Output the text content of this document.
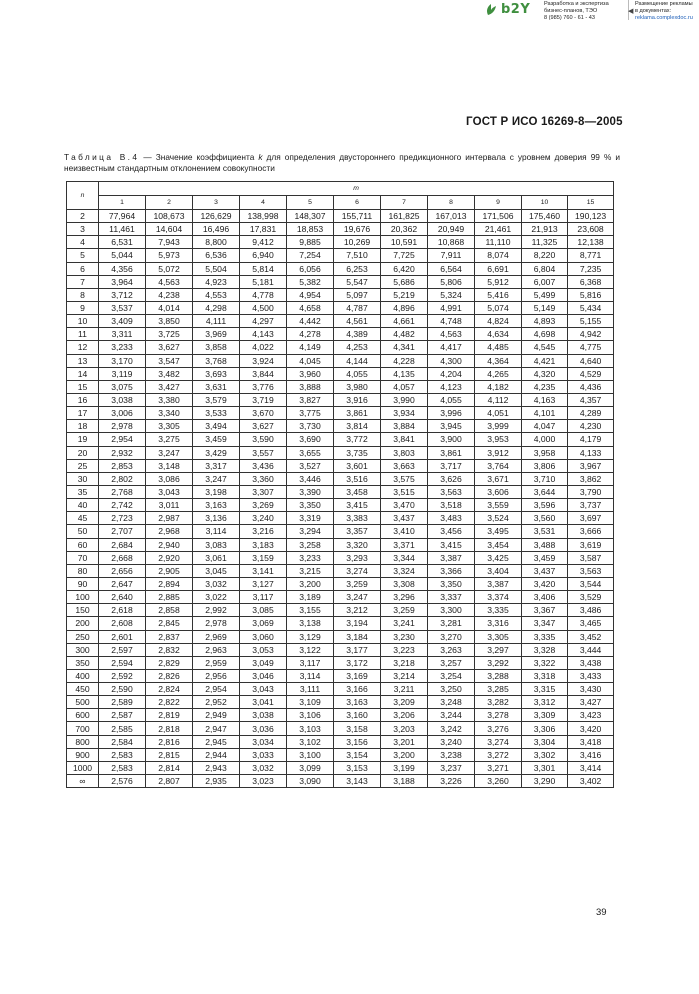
b2Y Разработка и экспертиза
бизнес-планов, ТЭО
8 (985) 760 - 61 - 43
◀
Размещение рекламы
в документах:
reklama.complexdoc.ru
ГОСТ Р ИСО 16269-8—2005
Таблица В.4 — Значение коэффициента k для определения двустороннего предикционного интервала с уровнем доверия 99 % и неизвестным стандартным отклонением совокупности
n	m										
	1	2	3	4	5	6	7	8	9	10	15
2	77,964	108,673	126,629	138,998	148,307	155,711	161,825	167,013	171,506	175,460	190,123
3	11,461	14,604	16,496	17,831	18,853	19,676	20,362	20,949	21,461	21,913	23,608
4	6,531	7,943	8,800	9,412	9,885	10,269	10,591	10,868	11,110	11,325	12,138
5	5,044	5,973	6,536	6,940	7,254	7,510	7,725	7,911	8,074	8,220	8,771
6	4,356	5,072	5,504	5,814	6,056	6,253	6,420	6,564	6,691	6,804	7,235
7	3,964	4,563	4,923	5,181	5,382	5,547	5,686	5,806	5,912	6,007	6,368
8	3,712	4,238	4,553	4,778	4,954	5,097	5,219	5,324	5,416	5,499	5,816
9	3,537	4,014	4,298	4,500	4,658	4,787	4,896	4,991	5,074	5,149	5,434
10	3,409	3,850	4,111	4,297	4,442	4,561	4,661	4,748	4,824	4,893	5,155
11	3,311	3,725	3,969	4,143	4,278	4,389	4,482	4,563	4,634	4,698	4,942
12	3,233	3,627	3,858	4,022	4,149	4,253	4,341	4,417	4,485	4,545	4,775
13	3,170	3,547	3,768	3,924	4,045	4,144	4,228	4,300	4,364	4,421	4,640
14	3,119	3,482	3,693	3,844	3,960	4,055	4,135	4,204	4,265	4,320	4,529
15	3,075	3,427	3,631	3,776	3,888	3,980	4,057	4,123	4,182	4,235	4,436
16	3,038	3,380	3,579	3,719	3,827	3,916	3,990	4,055	4,112	4,163	4,357
17	3,006	3,340	3,533	3,670	3,775	3,861	3,934	3,996	4,051	4,101	4,289
18	2,978	3,305	3,494	3,627	3,730	3,814	3,884	3,945	3,999	4,047	4,230
19	2,954	3,275	3,459	3,590	3,690	3,772	3,841	3,900	3,953	4,000	4,179
20	2,932	3,247	3,429	3,557	3,655	3,735	3,803	3,861	3,912	3,958	4,133
25	2,853	3,148	3,317	3,436	3,527	3,601	3,663	3,717	3,764	3,806	3,967
30	2,802	3,086	3,247	3,360	3,446	3,516	3,575	3,626	3,671	3,710	3,862
35	2,768	3,043	3,198	3,307	3,390	3,458	3,515	3,563	3,606	3,644	3,790
40	2,742	3,011	3,163	3,269	3,350	3,415	3,470	3,518	3,559	3,596	3,737
45	2,723	2,987	3,136	3,240	3,319	3,383	3,437	3,483	3,524	3,560	3,697
50	2,707	2,968	3,114	3,216	3,294	3,357	3,410	3,456	3,495	3,531	3,666
60	2,684	2,940	3,083	3,183	3,258	3,320	3,371	3,415	3,454	3,488	3,619
70	2,668	2,920	3,061	3,159	3,233	3,293	3,344	3,387	3,425	3,459	3,587
80	2,656	2,905	3,045	3,141	3,215	3,274	3,324	3,366	3,404	3,437	3,563
90	2,647	2,894	3,032	3,127	3,200	3,259	3,308	3,350	3,387	3,420	3,544
100	2,640	2,885	3,022	3,117	3,189	3,247	3,296	3,337	3,374	3,406	3,529
150	2,618	2,858	2,992	3,085	3,155	3,212	3,259	3,300	3,335	3,367	3,486
200	2,608	2,845	2,978	3,069	3,138	3,194	3,241	3,281	3,316	3,347	3,465
250	2,601	2,837	2,969	3,060	3,129	3,184	3,230	3,270	3,305	3,335	3,452
300	2,597	2,832	2,963	3,053	3,122	3,177	3,223	3,263	3,297	3,328	3,444
350	2,594	2,829	2,959	3,049	3,117	3,172	3,218	3,257	3,292	3,322	3,438
400	2,592	2,826	2,956	3,046	3,114	3,169	3,214	3,254	3,288	3,318	3,433
450	2,590	2,824	2,954	3,043	3,111	3,166	3,211	3,250	3,285	3,315	3,430
500	2,589	2,822	2,952	3,041	3,109	3,163	3,209	3,248	3,282	3,312	3,427
600	2,587	2,819	2,949	3,038	3,106	3,160	3,206	3,244	3,278	3,309	3,423
700	2,585	2,818	2,947	3,036	3,103	3,158	3,203	3,242	3,276	3,306	3,420
800	2,584	2,816	2,945	3,034	3,102	3,156	3,201	3,240	3,274	3,304	3,418
900	2,583	2,815	2,944	3,033	3,100	3,154	3,200	3,238	3,272	3,302	3,416
1000	2,583	2,814	2,943	3,032	3,099	3,153	3,199	3,237	3,271	3,301	3,414
∞	2,576	2,807	2,935	3,023	3,090	3,143	3,188	3,226	3,260	3,290	3,402
39
